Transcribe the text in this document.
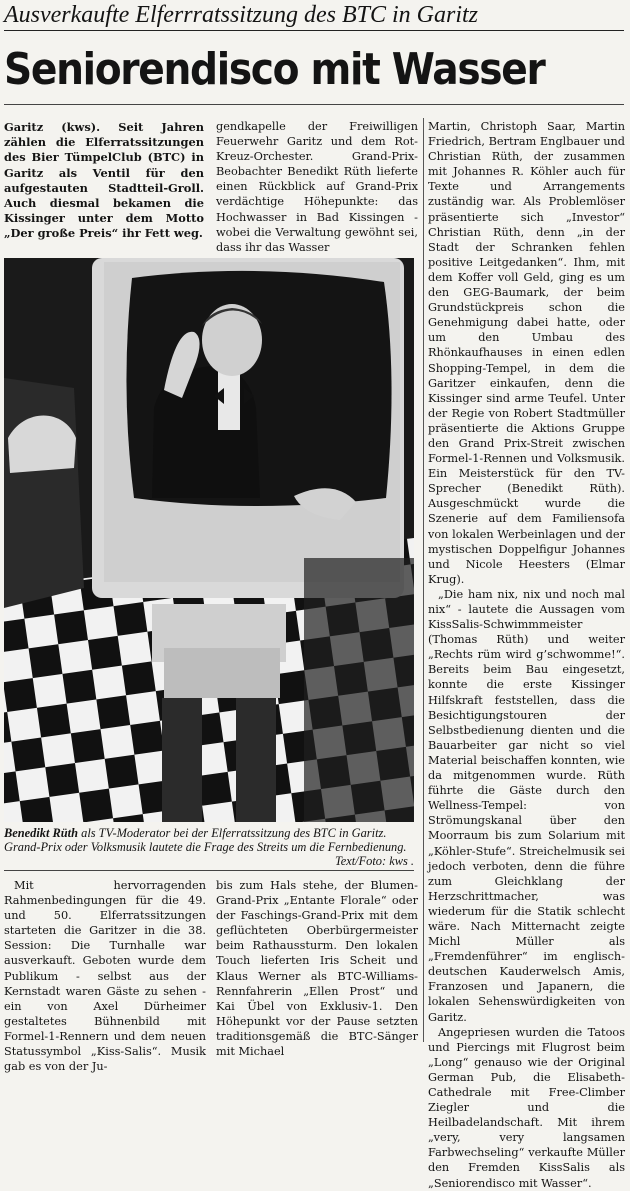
Ausverkaufte Elferrratssitzung des BTC in Garitz
Seniorendisco mit Wasser

Garitz (kws). Seit Jahren zählen die Elferratssitzungen des Bier TümpelClub (BTC) in Garitz als Ventil für den aufgestauten Stadtteil-Groll. Auch diesmal bekamen die Kissinger unter dem Motto „Der große Preis“ ihr Fett weg.

gendkapelle der Freiwilligen Feuerwehr Garitz und dem Rot-Kreuz-Orchester. Grand-Prix-Beobachter Benedikt Rüth lieferte einen Rückblick auf Grand-Prix verdächtige Höhepunkte: das Hochwasser in Bad Kissingen - wobei die Verwaltung gewöhnt sei, dass ihr das Wasser

Martin, Christoph Saar, Martin Friedrich, Bertram Englbauer und Christian Rüth, der zusammen mit Johannes R. Köhler auch für Texte und Arrangements zuständig war. Als Problemlöser präsentierte sich „Investor“ Christian Rüth, denn „in der Stadt der Schranken fehlen positive Leitgedanken“. Ihm, mit dem Koffer voll Geld, ging es um den GEG-Baumark, der beim Grundstückpreis schon die Genehmigung dabei hatte, oder um den Umbau des Rhönkaufhauses in einen edlen Shopping-Tempel, in dem die Garitzer einkaufen, denn die Kissinger sind arme Teufel. Unter der Regie von Robert Stadtmüller präsentierte die Aktions Gruppe den Grand Prix-Streit zwischen Formel-1-Rennen und Volksmusik. Ein Meisterstück für den TV-Sprecher (Benedikt Rüth). Ausgeschmückt wurde die Szenerie auf dem Familiensofa von lokalen Werbeinlagen und der mystischen Doppelfigur Johannes und Nicole Heesters (Elmar Krug).

„Die ham nix, nix und noch mal nix“ - lautete die Aussagen vom KissSalis-Schwimmmeister (Thomas Rüth) und weiter „Rechts rüm wird g’schwomme!“. Bereits beim Bau eingesetzt, konnte die erste Kissinger Hilfskraft feststellen, dass die Besichtigungstouren der Selbstbedienung dienten und die Bauarbeiter gar nicht so viel Material beischaffen konnten, wie da mitgenommen wurde. Rüth führte die Gäste durch den Wellness-Tempel: von Strömungskanal über den Moorraum bis zum Solarium mit „Köhler-Stufe“. Streichelmusik sei jedoch verboten, denn die führe zum Gleichklang der Herzschrittmacher, was wiederum für die Statik schlecht wäre. Nach Mitternacht zeigte Michl Müller als „Fremdenführer“ im englisch-deutschen Kauderwelsch Amis, Franzosen und Japanern, die lokalen Sehenswürdigkeiten von Garitz.

Angepriesen wurden die Tatoos und Piercings mit Flugrost beim „Long“ genauso wie der Original German Pub, die Elisabeth-Cathedrale mit Free-Climber Ziegler und die Heilbadelandschaft. Mit ihrem „very, very langsamen Farbwechseling“ verkaufte Müller den Fremden KissSalis als „Seniorendisco mit Wasser“.

Benedikt Rüth als TV-Moderator bei der Elferratssitzung des BTC in Garitz. Grand-Prix oder Volksmusik lautete die Frage des Streits um die Fernbedienung.
Text/Foto: kws .

Mit hervorragenden Rahmenbedingungen für die 49. und 50. Elferratssitzungen starteten die Garitzer in die 38. Session: Die Turnhalle war ausverkauft. Geboten wurde dem Publikum - selbst aus der Kernstadt waren Gäste zu sehen - ein von Axel Dürheimer gestaltetes Bühnenbild mit Formel-1-Rennern und dem neuen Statussymbol „Kiss-Salis“. Musik gab es von der Ju-

bis zum Hals stehe, der Blumen-Grand-Prix „Entante Florale“ oder der Faschings-Grand-Prix mit dem geflüchteten Oberbürgermeister beim Rathaussturm. Den lokalen Touch lieferten Iris Scheit und Klaus Werner als BTC-Williams-Rennfahrerin „Ellen Prost“ und Kai Übel von Exklusiv-1. Den Höhepunkt vor der Pause setzten traditionsgemäß die BTC-Sänger mit Michael
